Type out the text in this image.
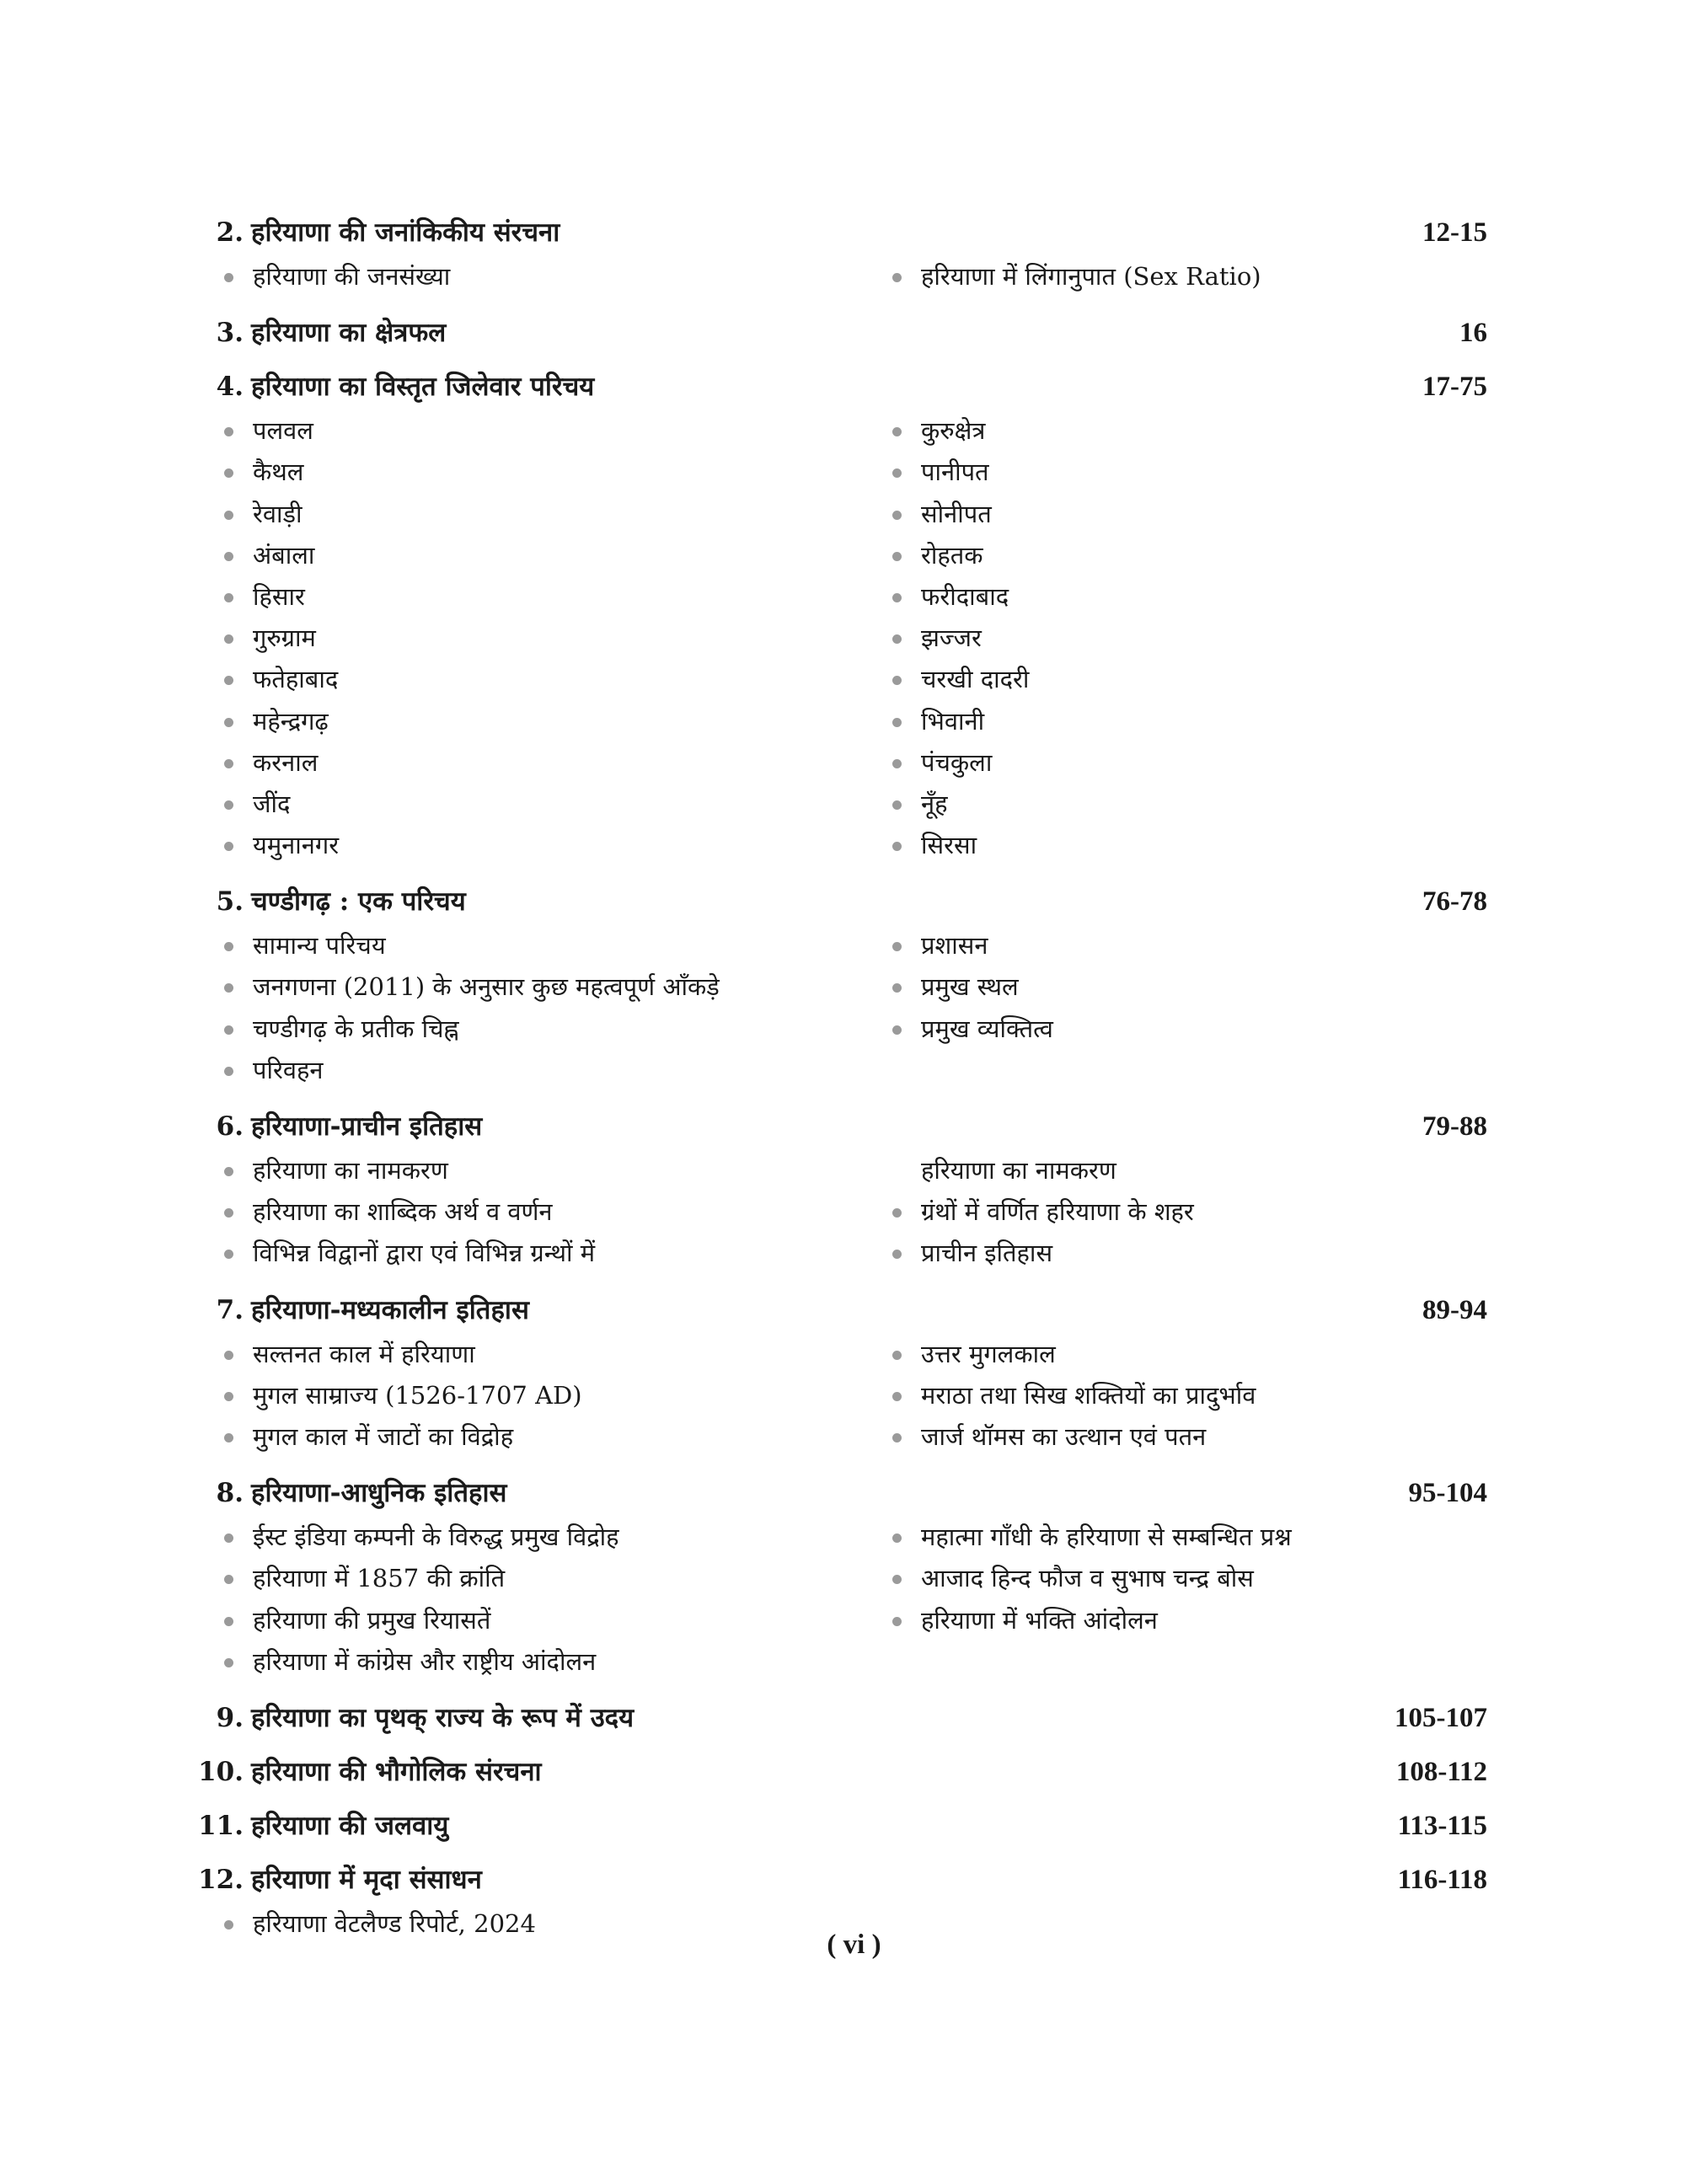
2. हरियाणा की जनांकिकीय संरचना	12-15
हरियाणा की जनसंख्या	हरियाणा में लिंगानुपात (Sex Ratio)
3. हरियाणा का क्षेत्रफल	16
4. हरियाणा का विस्तृत जिलेवार परिचय	17-75
पलवल	कुरुक्षेत्र
कैथल	पानीपत
रेवाड़ी	सोनीपत
अंबाला	रोहतक
हिसार	फरीदाबाद
गुरुग्राम	झज्जर
फतेहाबाद	चरखी दादरी
महेन्द्रगढ़	भिवानी
करनाल	पंचकुला
जींद	नूँह
यमुनानगर	सिरसा
5. चण्डीगढ़ : एक परिचय	76-78
सामान्य परिचय	प्रशासन
जनगणना (2011) के अनुसार कुछ महत्वपूर्ण आँकड़े	प्रमुख स्थल
चण्डीगढ़ के प्रतीक चिह्न	प्रमुख व्यक्तित्व
परिवहन
6. हरियाणा-प्राचीन इतिहास	79-88
हरियाणा का नामकरण	हरियाणा का नामकरण
हरियाणा का शाब्दिक अर्थ व वर्णन	ग्रंथों में वर्णित हरियाणा के शहर
विभिन्न विद्वानों द्वारा एवं विभिन्न ग्रन्थों में	प्राचीन इतिहास
7. हरियाणा-मध्यकालीन इतिहास	89-94
सल्तनत काल में हरियाणा	उत्तर मुगलकाल
मुगल साम्राज्य (1526-1707 AD)	मराठा तथा सिख शक्तियों का प्रादुर्भाव
मुगल काल में जाटों का विद्रोह	जार्ज थॉमस का उत्थान एवं पतन
8. हरियाणा-आधुनिक इतिहास	95-104
ईस्ट इंडिया कम्पनी के विरुद्ध प्रमुख विद्रोह	महात्मा गाँधी के हरियाणा से सम्बन्धित प्रश्न
हरियाणा में 1857 की क्रांति	आजाद हिन्द फौज व सुभाष चन्द्र बोस
हरियाणा की प्रमुख रियासतें	हरियाणा में भक्ति आंदोलन
हरियाणा में कांग्रेस और राष्ट्रीय आंदोलन
9. हरियाणा का पृथक् राज्य के रूप में उदय	105-107
10. हरियाणा की भौगोलिक संरचना	108-112
11. हरियाणा की जलवायु	113-115
12. हरियाणा में मृदा संसाधन	116-118
हरियाणा वेटलैण्ड रिपोर्ट, 2024
( vi )
